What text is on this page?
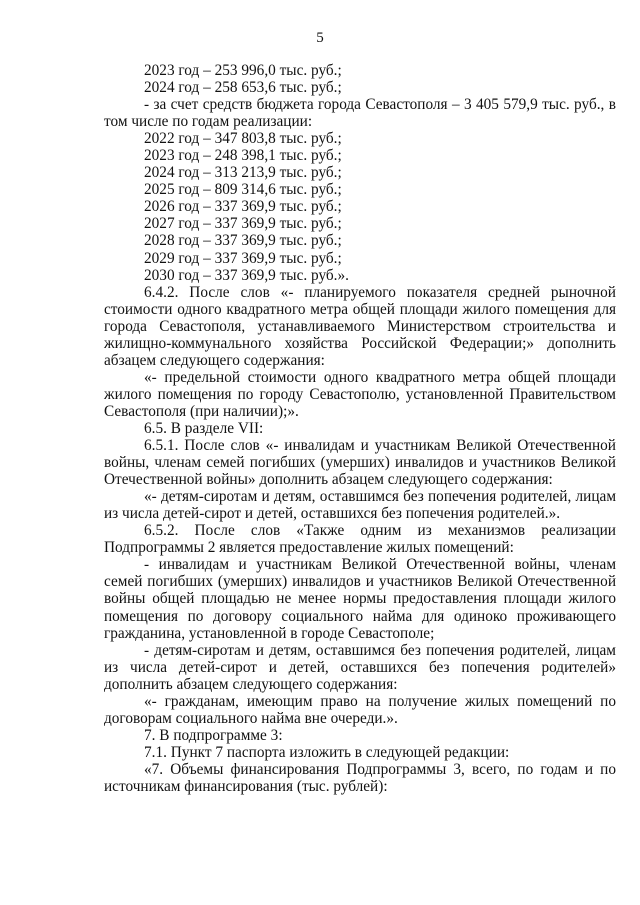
5

2023 год – 253 996,0 тыс. руб.;

2024 год – 258 653,6 тыс. руб.;

- за счет средств бюджета города Севастополя – 3 405 579,9 тыс. руб., в том числе по годам реализации:

2022 год – 347 803,8 тыс. руб.;

2023 год – 248 398,1 тыс. руб.;

2024 год – 313 213,9 тыс. руб.;

2025 год – 809 314,6 тыс. руб.;

2026 год – 337 369,9 тыс. руб.;

2027 год – 337 369,9 тыс. руб.;

2028 год – 337 369,9 тыс. руб.;

2029 год – 337 369,9 тыс. руб.;

2030 год – 337 369,9 тыс. руб.».

6.4.2. После слов «- планируемого показателя средней рыночной стоимости одного квадратного метра общей площади жилого помещения для города Севастополя, устанавливаемого Министерством строительства и жилищно-коммунального хозяйства Российской Федерации;» дополнить абзацем следующего содержания:

«- предельной стоимости одного квадратного метра общей площади жилого помещения по городу Севастополю, установленной Правительством Севастополя (при наличии);».

6.5. В разделе VII:

6.5.1. После слов «- инвалидам и участникам Великой Отечественной войны, членам семей погибших (умерших) инвалидов и участников Великой Отечественной войны» дополнить абзацем следующего содержания:

«- детям-сиротам и детям, оставшимся без попечения родителей, лицам из числа детей-сирот и детей, оставшихся без попечения родителей.».

6.5.2. После слов «Также одним из механизмов реализации Подпрограммы 2 является предоставление жилых помещений:

- инвалидам и участникам Великой Отечественной войны, членам семей погибших (умерших) инвалидов и участников Великой Отечественной войны общей площадью не менее нормы предоставления площади жилого помещения по договору социального найма для одиноко проживающего гражданина, установленной в городе Севастополе;

- детям-сиротам и детям, оставшимся без попечения родителей, лицам из числа детей-сирот и детей, оставшихся без попечения родителей» дополнить абзацем следующего содержания:

«- гражданам, имеющим право на получение жилых помещений по договорам социального найма вне очереди.».

7. В подпрограмме 3:

7.1. Пункт 7 паспорта изложить в следующей редакции:

«7. Объемы финансирования Подпрограммы 3, всего, по годам и по источникам финансирования (тыс. рублей):
